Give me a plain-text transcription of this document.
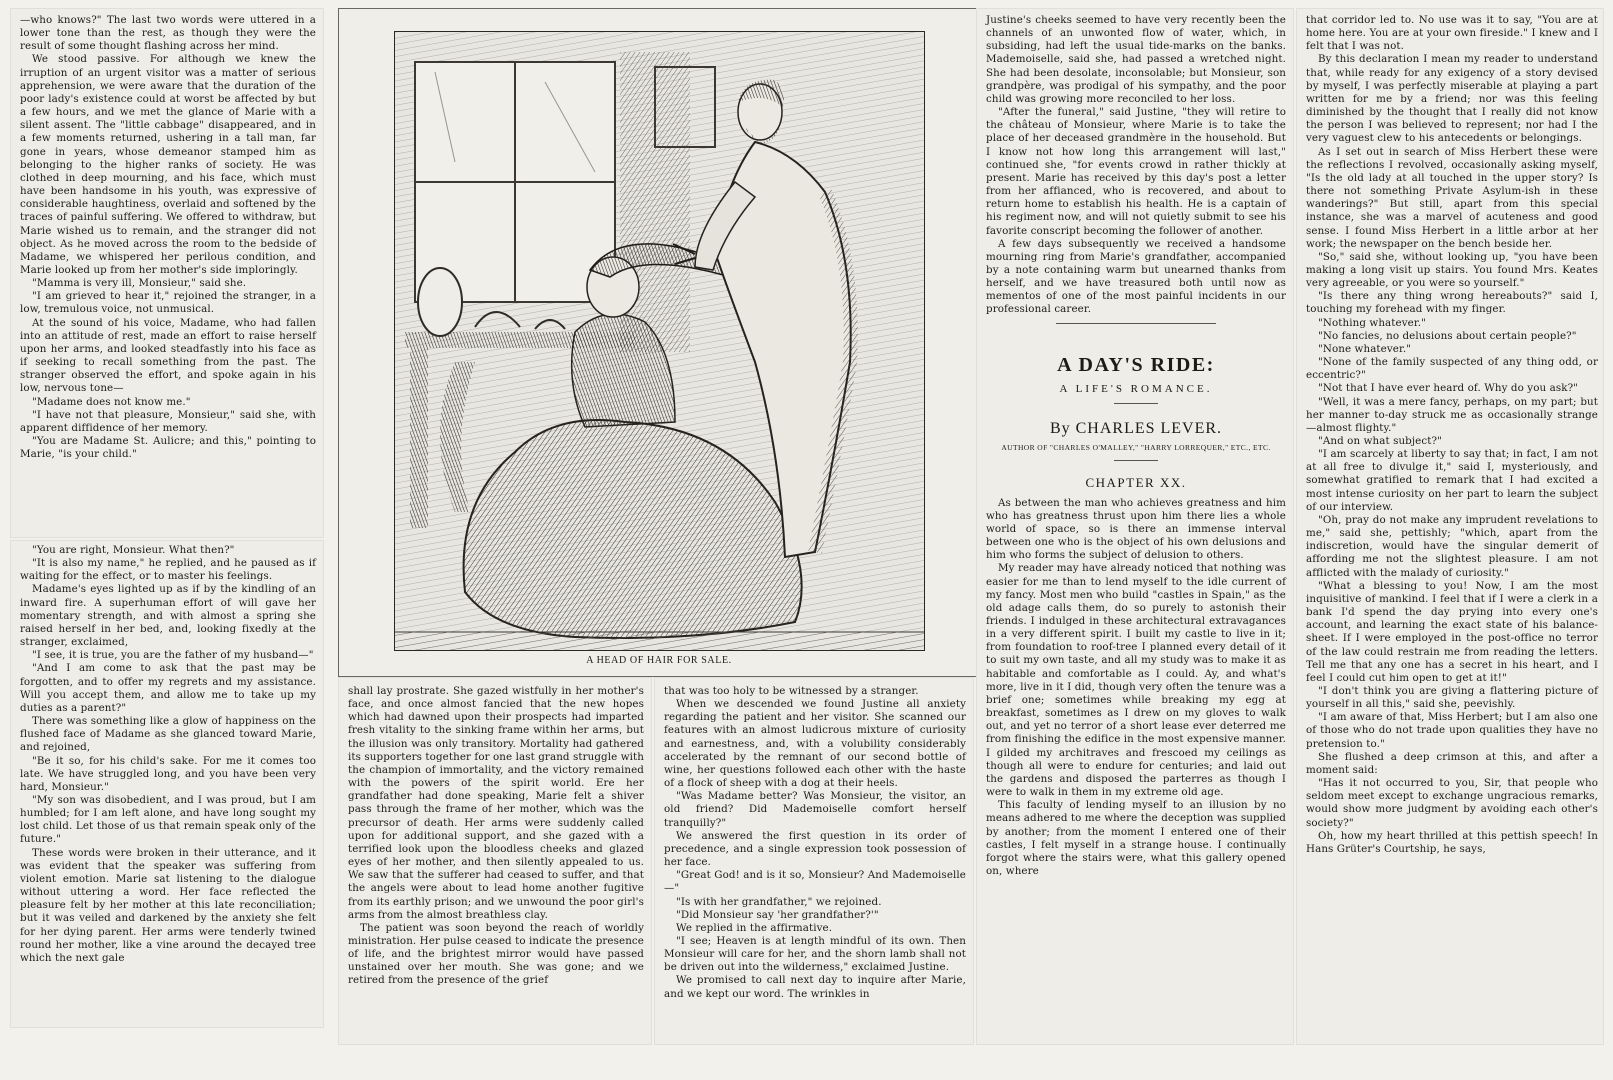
—who knows?" The last two words were uttered in a lower tone than the rest, as though they were the result of some thought flashing across her mind.

We stood passive. For although we knew the irruption of an urgent visitor was a matter of serious apprehension, we were aware that the duration of the poor lady's existence could at worst be affected by but a few hours, and we met the glance of Marie with a silent assent. The "little cabbage" disappeared, and in a few moments returned, ushering in a tall man, far gone in years, whose demeanor stamped him as belonging to the higher ranks of society. He was clothed in deep mourning, and his face, which must have been handsome in his youth, was expressive of considerable haughtiness, overlaid and softened by the traces of painful suffering. We offered to withdraw, but Marie wished us to remain, and the stranger did not object. As he moved across the room to the bedside of Madame, we whispered her perilous condition, and Marie looked up from her mother's side imploringly.

"Mamma is very ill, Monsieur," said she.

"I am grieved to hear it," rejoined the stranger, in a low, tremulous voice, not unmusical.

At the sound of his voice, Madame, who had fallen into an attitude of rest, made an effort to raise herself upon her arms, and looked steadfastly into his face as if seeking to recall something from the past. The stranger observed the effort, and spoke again in his low, nervous tone—

"Madame does not know me."

"I have not that pleasure, Monsieur," said she, with apparent diffidence of her memory.

"You are Madame St. Aulicre; and this," pointing to Marie, "is your child."

"You are right, Monsieur. What then?"

"It is also my name," he replied, and he paused as if waiting for the effect, or to master his feelings.

Madame's eyes lighted up as if by the kindling of an inward fire. A superhuman effort of will gave her momentary strength, and with almost a spring she raised herself in her bed, and, looking fixedly at the stranger, exclaimed,

"I see, it is true, you are the father of my husband—"

"And I am come to ask that the past may be forgotten, and to offer my regrets and my assistance. Will you accept them, and allow me to take up my duties as a parent?"

There was something like a glow of happiness on the flushed face of Madame as she glanced toward Marie, and rejoined,

"Be it so, for his child's sake. For me it comes too late. We have struggled long, and you have been very hard, Monsieur."

"My son was disobedient, and I was proud, but I am humbled; for I am left alone, and have long sought my lost child. Let those of us that remain speak only of the future."

These words were broken in their utterance, and it was evident that the speaker was suffering from violent emotion. Marie sat listening to the dialogue without uttering a word. Her face reflected the pleasure felt by her mother at this late reconciliation; but it was veiled and darkened by the anxiety she felt for her dying parent. Her arms were tenderly twined round her mother, like a vine around the decayed tree which the next gale

A HEAD OF HAIR FOR SALE.

shall lay prostrate. She gazed wistfully in her mother's face, and once almost fancied that the new hopes which had dawned upon their prospects had imparted fresh vitality to the sinking frame within her arms, but the illusion was only transitory. Mortality had gathered its supporters together for one last grand struggle with the champion of immortality, and the victory remained with the powers of the spirit world. Ere her grandfather had done speaking, Marie felt a shiver pass through the frame of her mother, which was the precursor of death. Her arms were suddenly called upon for additional support, and she gazed with a terrified look upon the bloodless cheeks and glazed eyes of her mother, and then silently appealed to us. We saw that the sufferer had ceased to suffer, and that the angels were about to lead home another fugitive from its earthly prison; and we unwound the poor girl's arms from the almost breathless clay.

The patient was soon beyond the reach of worldly ministration. Her pulse ceased to indicate the presence of life, and the brightest mirror would have passed unstained over her mouth. She was gone; and we retired from the presence of the grief

that was too holy to be witnessed by a stranger.

When we descended we found Justine all anxiety regarding the patient and her visitor. She scanned our features with an almost ludicrous mixture of curiosity and earnestness, and, with a volubility considerably accelerated by the remnant of our second bottle of wine, her questions followed each other with the haste of a flock of sheep with a dog at their heels.

"Was Madame better? Was Monsieur, the visitor, an old friend? Did Mademoiselle comfort herself tranquilly?"

We answered the first question in its order of precedence, and a single expression took possession of her face.

"Great God! and is it so, Monsieur? And Mademoiselle—"

"Is with her grandfather," we rejoined.

"Did Monsieur say 'her grandfather?'"

We replied in the affirmative.

"I see; Heaven is at length mindful of its own. Then Monsieur will care for her, and the shorn lamb shall not be driven out into the wilderness," exclaimed Justine.

We promised to call next day to inquire after Marie, and we kept our word. The wrinkles in

Justine's cheeks seemed to have very recently been the channels of an unwonted flow of water, which, in subsiding, had left the usual tide-marks on the banks. Mademoiselle, said she, had passed a wretched night. She had been desolate, inconsolable; but Monsieur, son grandpère, was prodigal of his sympathy, and the poor child was growing more reconciled to her loss.

"After the funeral," said Justine, "they will retire to the château of Monsieur, where Marie is to take the place of her deceased grandmère in the household. But I know not how long this arrangement will last," continued she, "for events crowd in rather thickly at present. Marie has received by this day's post a letter from her affianced, who is recovered, and about to return home to establish his health. He is a captain of his regiment now, and will not quietly submit to see his favorite conscript becoming the follower of another.

A few days subsequently we received a handsome mourning ring from Marie's grandfather, accompanied by a note containing warm but unearned thanks from herself, and we have treasured both until now as mementos of one of the most painful incidents in our professional career.

A DAY'S RIDE:
A LIFE'S ROMANCE.
By CHARLES LEVER.
AUTHOR OF "CHARLES O'MALLEY," "HARRY LORREQUER," ETC., ETC.
CHAPTER XX.

As between the man who achieves greatness and him who has greatness thrust upon him there lies a whole world of space, so is there an immense interval between one who is the object of his own delusions and him who forms the subject of delusion to others.

My reader may have already noticed that nothing was easier for me than to lend myself to the idle current of my fancy. Most men who build "castles in Spain," as the old adage calls them, do so purely to astonish their friends. I indulged in these architectural extravagances in a very different spirit. I built my castle to live in it; from foundation to roof-tree I planned every detail of it to suit my own taste, and all my study was to make it as habitable and comfortable as I could. Ay, and what's more, live in it I did, though very often the tenure was a brief one; sometimes while breaking my egg at breakfast, sometimes as I drew on my gloves to walk out, and yet no terror of a short lease ever deterred me from finishing the edifice in the most expensive manner. I gilded my architraves and frescoed my ceilings as though all were to endure for centuries; and laid out the gardens and disposed the parterres as though I were to walk in them in my extreme old age.

This faculty of lending myself to an illusion by no means adhered to me where the deception was supplied by another; from the moment I entered one of their castles, I felt myself in a strange house. I continually forgot where the stairs were, what this gallery opened on, where

that corridor led to. No use was it to say, "You are at home here. You are at your own fireside." I knew and I felt that I was not.

By this declaration I mean my reader to understand that, while ready for any exigency of a story devised by myself, I was perfectly miserable at playing a part written for me by a friend; nor was this feeling diminished by the thought that I really did not know the person I was believed to represent; nor had I the very vaguest clew to his antecedents or belongings.

As I set out in search of Miss Herbert these were the reflections I revolved, occasionally asking myself, "Is the old lady at all touched in the upper story? Is there not something Private Asylum-ish in these wanderings?" But still, apart from this special instance, she was a marvel of acuteness and good sense. I found Miss Herbert in a little arbor at her work; the newspaper on the bench beside her.

"So," said she, without looking up, "you have been making a long visit up stairs. You found Mrs. Keates very agreeable, or you were so yourself."

"Is there any thing wrong hereabouts?" said I, touching my forehead with my finger.

"Nothing whatever."

"No fancies, no delusions about certain people?"

"None whatever."

"None of the family suspected of any thing odd, or eccentric?"

"Not that I have ever heard of. Why do you ask?"

"Well, it was a mere fancy, perhaps, on my part; but her manner to-day struck me as occasionally strange—almost flighty."

"And on what subject?"

"I am scarcely at liberty to say that; in fact, I am not at all free to divulge it," said I, mysteriously, and somewhat gratified to remark that I had excited a most intense curiosity on her part to learn the subject of our interview.

"Oh, pray do not make any imprudent revelations to me," said she, pettishly; "which, apart from the indiscretion, would have the singular demerit of affording me not the slightest pleasure. I am not afflicted with the malady of curiosity."

"What a blessing to you! Now, I am the most inquisitive of mankind. I feel that if I were a clerk in a bank I'd spend the day prying into every one's account, and learning the exact state of his balance-sheet. If I were employed in the post-office no terror of the law could restrain me from reading the letters. Tell me that any one has a secret in his heart, and I feel I could cut him open to get at it!"

"I don't think you are giving a flattering picture of yourself in all this," said she, peevishly.

"I am aware of that, Miss Herbert; but I am also one of those who do not trade upon qualities they have no pretension to."

She flushed a deep crimson at this, and after a moment said:

"Has it not occurred to you, Sir, that people who seldom meet except to exchange ungracious remarks, would show more judgment by avoiding each other's society?"

Oh, how my heart thrilled at this pettish speech! In Hans Grüter's Courtship, he says,
